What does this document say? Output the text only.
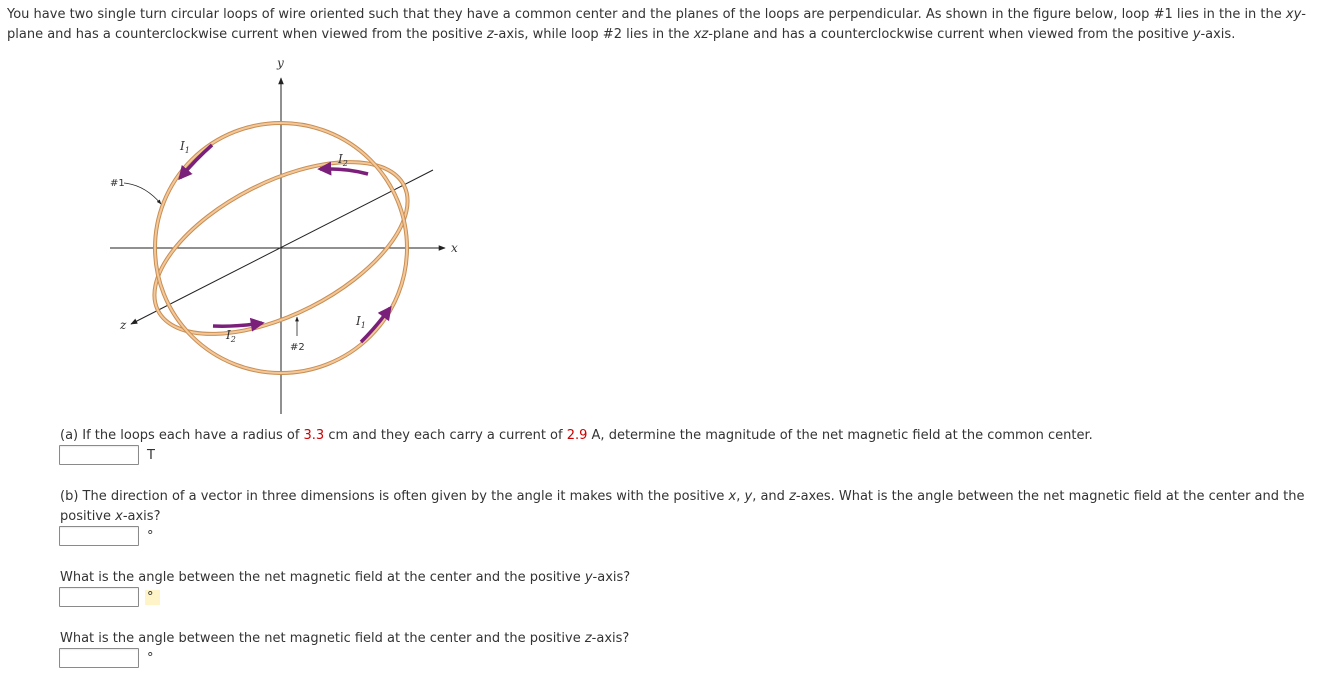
You have two single turn circular loops of wire oriented such that they have a common center and the planes of the loops are perpendicular. As shown in the figure below, loop #1 lies in the in the xy-plane and has a counterclockwise current when viewed from the positive z-axis, while loop #2 lies in the xz-plane and has a counterclockwise current when viewed from the positive y-axis.

y
x
z
#1
#2
$I_1$
$I_2$
$I_2$
$I_1$

(a) If the loops each have a radius of 3.3 cm and they each carry a current of 2.9 A, determine the magnitude of the net magnetic field at the common center.

T

(b) The direction of a vector in three dimensions is often given by the angle it makes with the positive x, y, and z-axes. What is the angle between the net magnetic field at the center and the positive x-axis?

°

What is the angle between the net magnetic field at the center and the positive y-axis?

°

What is the angle between the net magnetic field at the center and the positive z-axis?

°
